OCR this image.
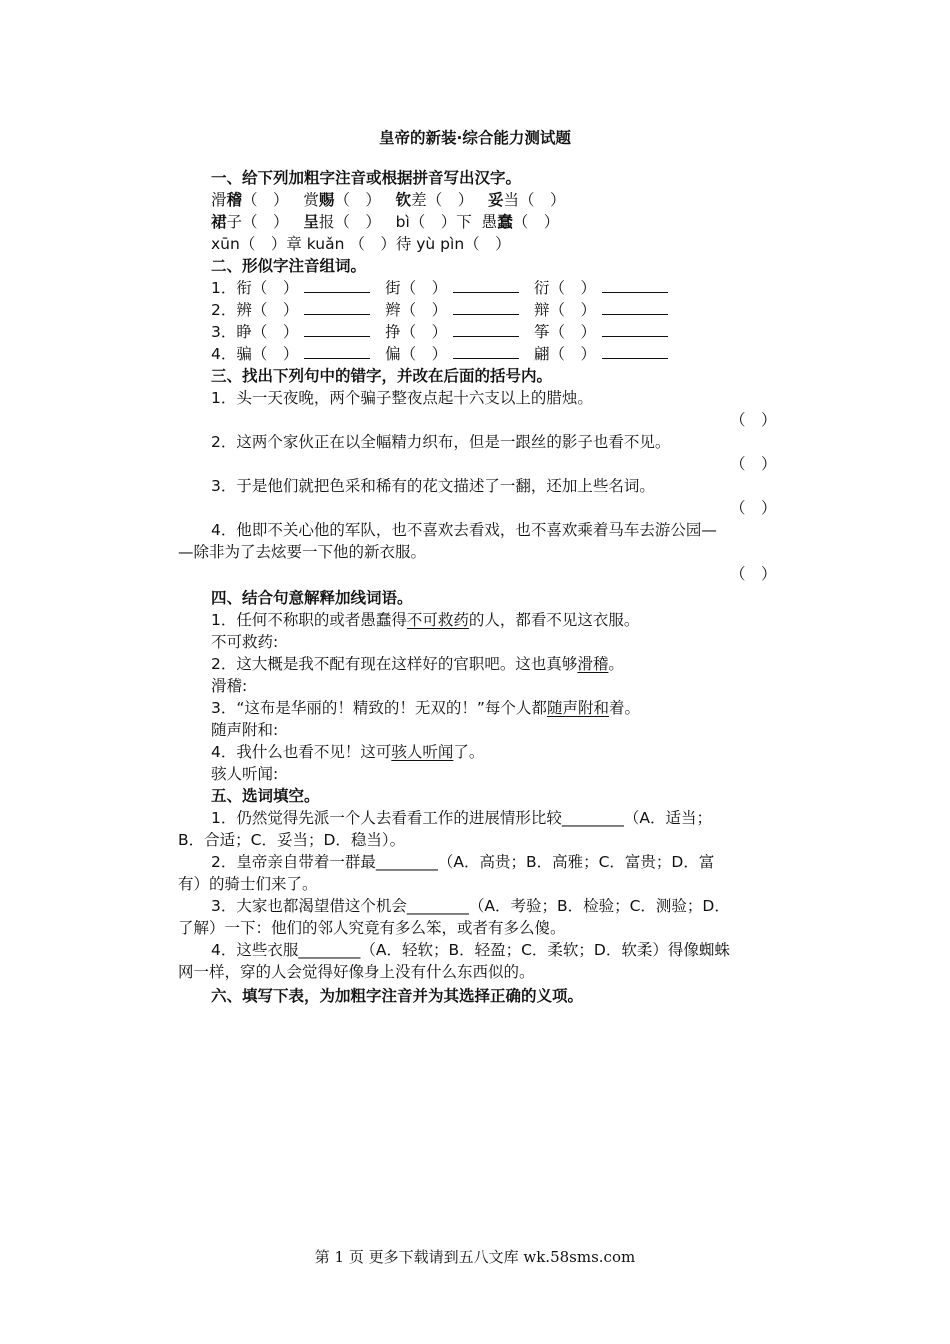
皇帝的新装·综合能力测试题
一、给下列加粗字注音或根据拼音写出汉字。
滑稽（　） 赏赐（　） 钦差（　） 妥当（　）
裙子（　） 呈报（　） bì（　）下 愚蠢（　）
xūn（　）章 kuǎn （　）待 yù pìn（　）
二、形似字注音组词。
1．衔（　）	街（　）	衍（　）
2．辨（　）	辫（　）	辩（　）
3．睁（　）	挣（　）	筝（　）
4．骗（　）	偏（　）	翩（　）
三、找出下列句中的错字，并改在后面的括号内。
1．头一天夜晚，两个骗子整夜点起十六支以上的腊烛。
（　）
2．这两个家伙正在以全幅精力织布，但是一跟丝的影子也看不见。
（　）
3．于是他们就把色采和稀有的花文描述了一翻，还加上些名词。
（　）
4．他即不关心他的军队，也不喜欢去看戏，也不喜欢乘着马车去游公园—
—除非为了去炫要一下他的新衣服。
（　）
四、结合句意解释加线词语。
1．任何不称职的或者愚蠢得不可救药的人，都看不见这衣服。
不可救药:
2．这大概是我不配有现在这样好的官职吧。这也真够滑稽。
滑稽:
3．“这布是华丽的！精致的！无双的！”每个人都随声附和着。
随声附和:
4．我什么也看不见！这可骇人听闻了。
骇人听闻:
五、选词填空。
1．仍然觉得先派一个人去看看工作的进展情形比较________（A．适当；
B．合适；C．妥当；D．稳当）。
2．皇帝亲自带着一群最________（A．高贵；B．高雅；C．富贵；D．富
有）的骑士们来了。
3．大家也都渴望借这个机会________（A．考验；B．检验；C．测验；D．
了解）一下：他们的邻人究竟有多么笨，或者有多么傻。
4．这些衣服________（A．轻软；B．轻盈；C．柔软；D．软柔）得像蜘蛛
网一样，穿的人会觉得好像身上没有什么东西似的。
六、填写下表，为加粗字注音并为其选择正确的义项。
第 1 页 更多下载请到五八文库 wk.58sms.com
